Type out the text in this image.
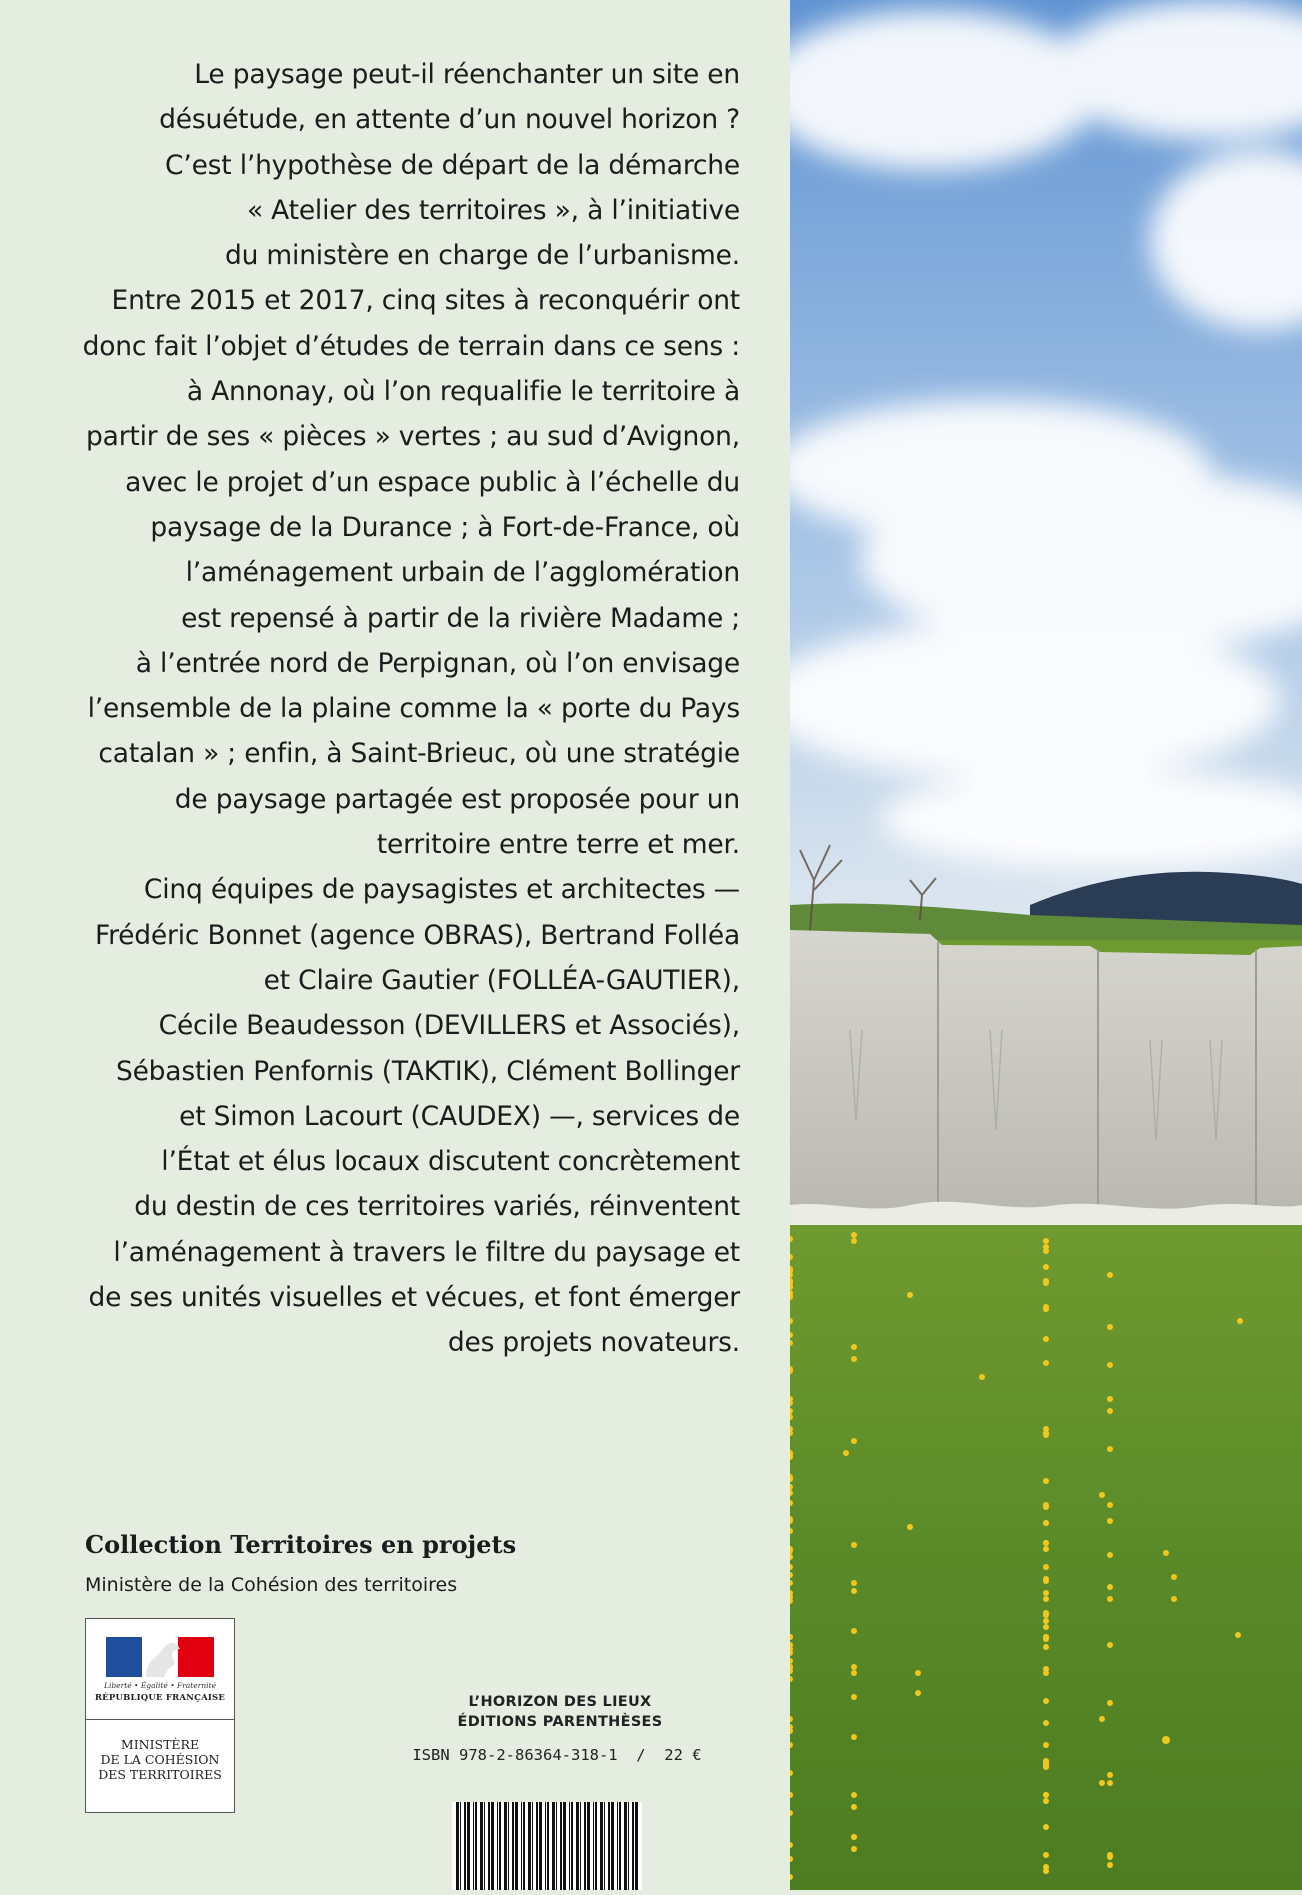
Le paysage peut-il réenchanter un site en
désuétude, en attente d’un nouvel horizon ?
C’est l’hypothèse de départ de la démarche
« Atelier des territoires », à l’initiative
du ministère en charge de l’urbanisme.
Entre 2015 et 2017, cinq sites à reconquérir ont
donc fait l’objet d’études de terrain dans ce sens :
à Annonay, où l’on requalifie le territoire à
partir de ses « pièces » vertes ; au sud d’Avignon,
avec le projet d’un espace public à l’échelle du
paysage de la Durance ; à Fort-de-France, où
l’aménagement urbain de l’agglomération
est repensé à partir de la rivière Madame ;
à l’entrée nord de Perpignan, où l’on envisage
l’ensemble de la plaine comme la « porte du Pays
catalan » ; enfin, à Saint-Brieuc, où une stratégie
de paysage partagée est proposée pour un
territoire entre terre et mer.
Cinq équipes de paysagistes et architectes —
Frédéric Bonnet (agence OBRAS), Bertrand Folléa
et Claire Gautier (FOLLÉA-GAUTIER),
Cécile Beaudesson (DEVILLERS et Associés),
Sébastien Penfornis (TAKTIK), Clément Bollinger
et Simon Lacourt (CAUDEX) —, services de
l’État et élus locaux discutent concrètement
du destin de ces territoires variés, réinventent
l’aménagement à travers le filtre du paysage et
de ses unités visuelles et vécues, et font émerger
des projets novateurs.
Collection Territoires en projets
Ministère de la Cohésion des territoires
Liberté • Égalité • Fraternité
RÉPUBLIQUE FRANÇAISE
MINISTÈRE
DE LA COHÉSION
DES TERRITOIRES
L’HORIZON DES LIEUX
ÉDITIONS PARENTHÈSES
ISBN 978-2-86364-318-1  /  22 €
